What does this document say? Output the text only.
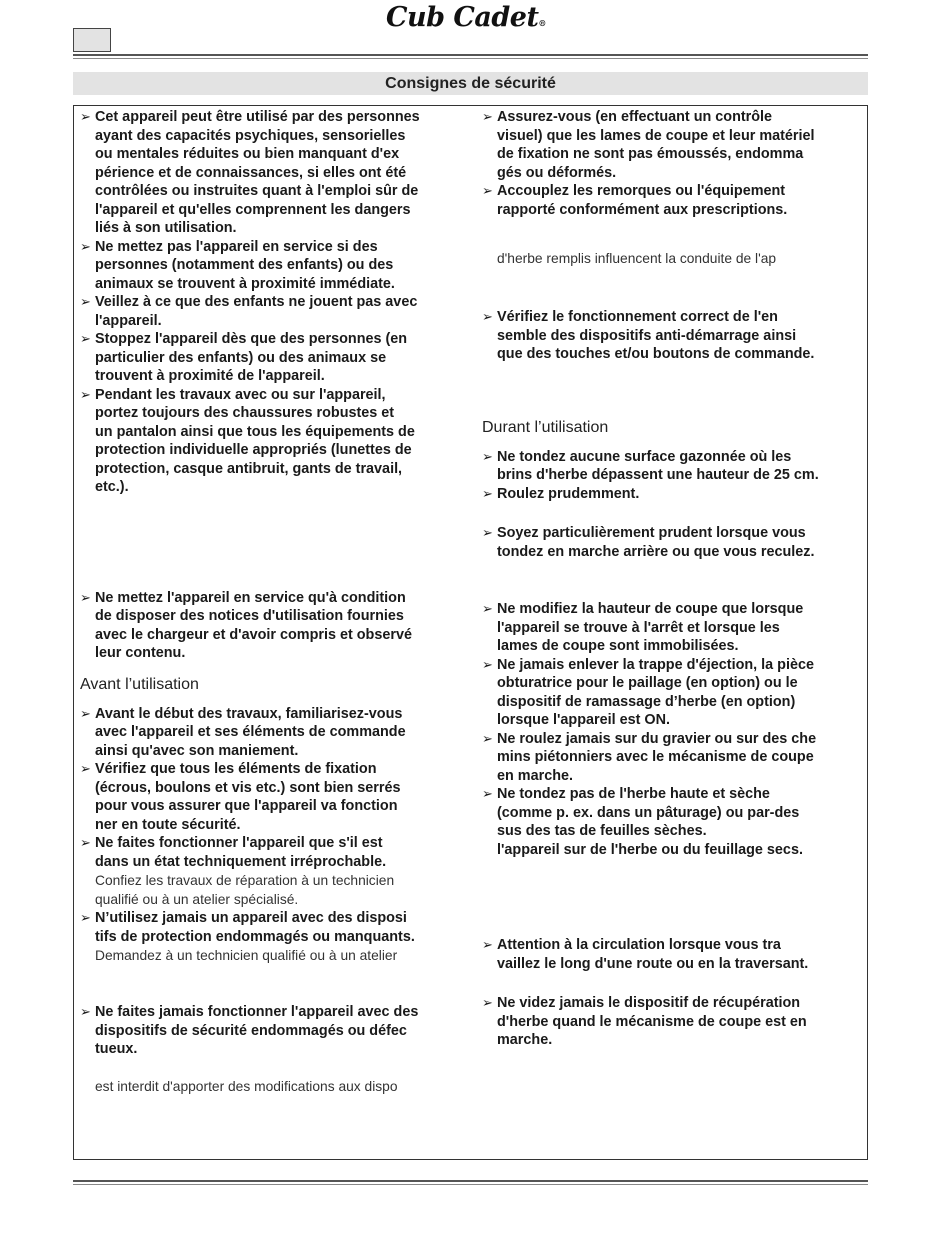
Cub Cadet®
Consignes de sécurité
➢ Cet appareil peut être utilisé par des personnes
ayant des capacités psychiques, sensorielles
ou mentales réduites ou bien manquant d'ex
périence et de connaissances, si elles ont été
contrôlées ou instruites quant à l'emploi sûr de
l'appareil et qu'elles comprennent les dangers
liés à son utilisation.
➢ Ne mettez pas l'appareil en service si des
personnes (notamment des enfants) ou des
animaux se trouvent à proximité immédiate.
➢ Veillez à ce que des enfants ne jouent pas avec
l'appareil.
➢ Stoppez l'appareil dès que des personnes (en
particulier des enfants) ou des animaux se
trouvent à proximité de l'appareil.
➢ Pendant les travaux avec ou sur l'appareil,
portez toujours des chaussures robustes et
un pantalon ainsi que tous les équipements de
protection individuelle appropriés (lunettes de
protection, casque antibruit, gants de travail,
etc.).
➢ Ne mettez l'appareil en service qu'à condition
de disposer des notices d'utilisation fournies
avec le chargeur et d'avoir compris et observé
leur contenu.
Avant l’utilisation
➢ Avant le début des travaux, familiarisez-vous
avec l'appareil et ses éléments de commande
ainsi qu'avec son maniement.
➢ Vérifiez que tous les éléments de fixation
(écrous, boulons et vis etc.) sont bien serrés
pour vous assurer que l'appareil va fonction
ner en toute sécurité.
➢ Ne faites fonctionner l'appareil que s'il est
dans un état techniquement irréprochable.
Confiez les travaux de réparation à un technicien
qualifié ou à un atelier spécialisé.
➢ N’utilisez jamais un appareil avec des disposi
tifs de protection endommagés ou manquants.
Demandez à un technicien qualifié ou à un atelier
➢ Ne faites jamais fonctionner l'appareil avec des
dispositifs de sécurité endommagés ou défec
tueux.
est interdit d'apporter des modifications aux dispo
➢ Assurez-vous (en effectuant un contrôle
visuel) que les lames de coupe et leur matériel
de fixation ne sont pas émoussés, endomma
gés ou déformés.
➢ Accouplez les remorques ou l'équipement
rapporté conformément aux prescriptions.
d'herbe remplis influencent la conduite de l'ap
➢ Vérifiez le fonctionnement correct de l'en
semble des dispositifs anti-démarrage ainsi
que des touches et/ou boutons de commande.
Durant l’utilisation
➢ Ne tondez aucune surface gazonnée où les
brins d'herbe dépassent une hauteur de 25 cm.
➢ Roulez prudemment.
➢ Soyez particulièrement prudent lorsque vous
tondez en marche arrière ou que vous reculez.
➢ Ne modifiez la hauteur de coupe que lorsque
l'appareil se trouve à l'arrêt et lorsque les
lames de coupe sont immobilisées.
➢ Ne jamais enlever la trappe d'éjection, la pièce
obturatrice pour le paillage (en option) ou le
dispositif de ramassage d’herbe (en option)
lorsque l'appareil est ON.
➢ Ne roulez jamais sur du gravier ou sur des che
mins piétonniers avec le mécanisme de coupe
en marche.
➢ Ne tondez pas de l'herbe haute et sèche
(comme p. ex. dans un pâturage) ou par-des
sus des tas de feuilles sèches.
l'appareil sur de l'herbe ou du feuillage secs.
➢ Attention à la circulation lorsque vous tra
vaillez le long d'une route ou en la traversant.
➢ Ne videz jamais le dispositif de récupération
d'herbe quand le mécanisme de coupe est en
marche.
